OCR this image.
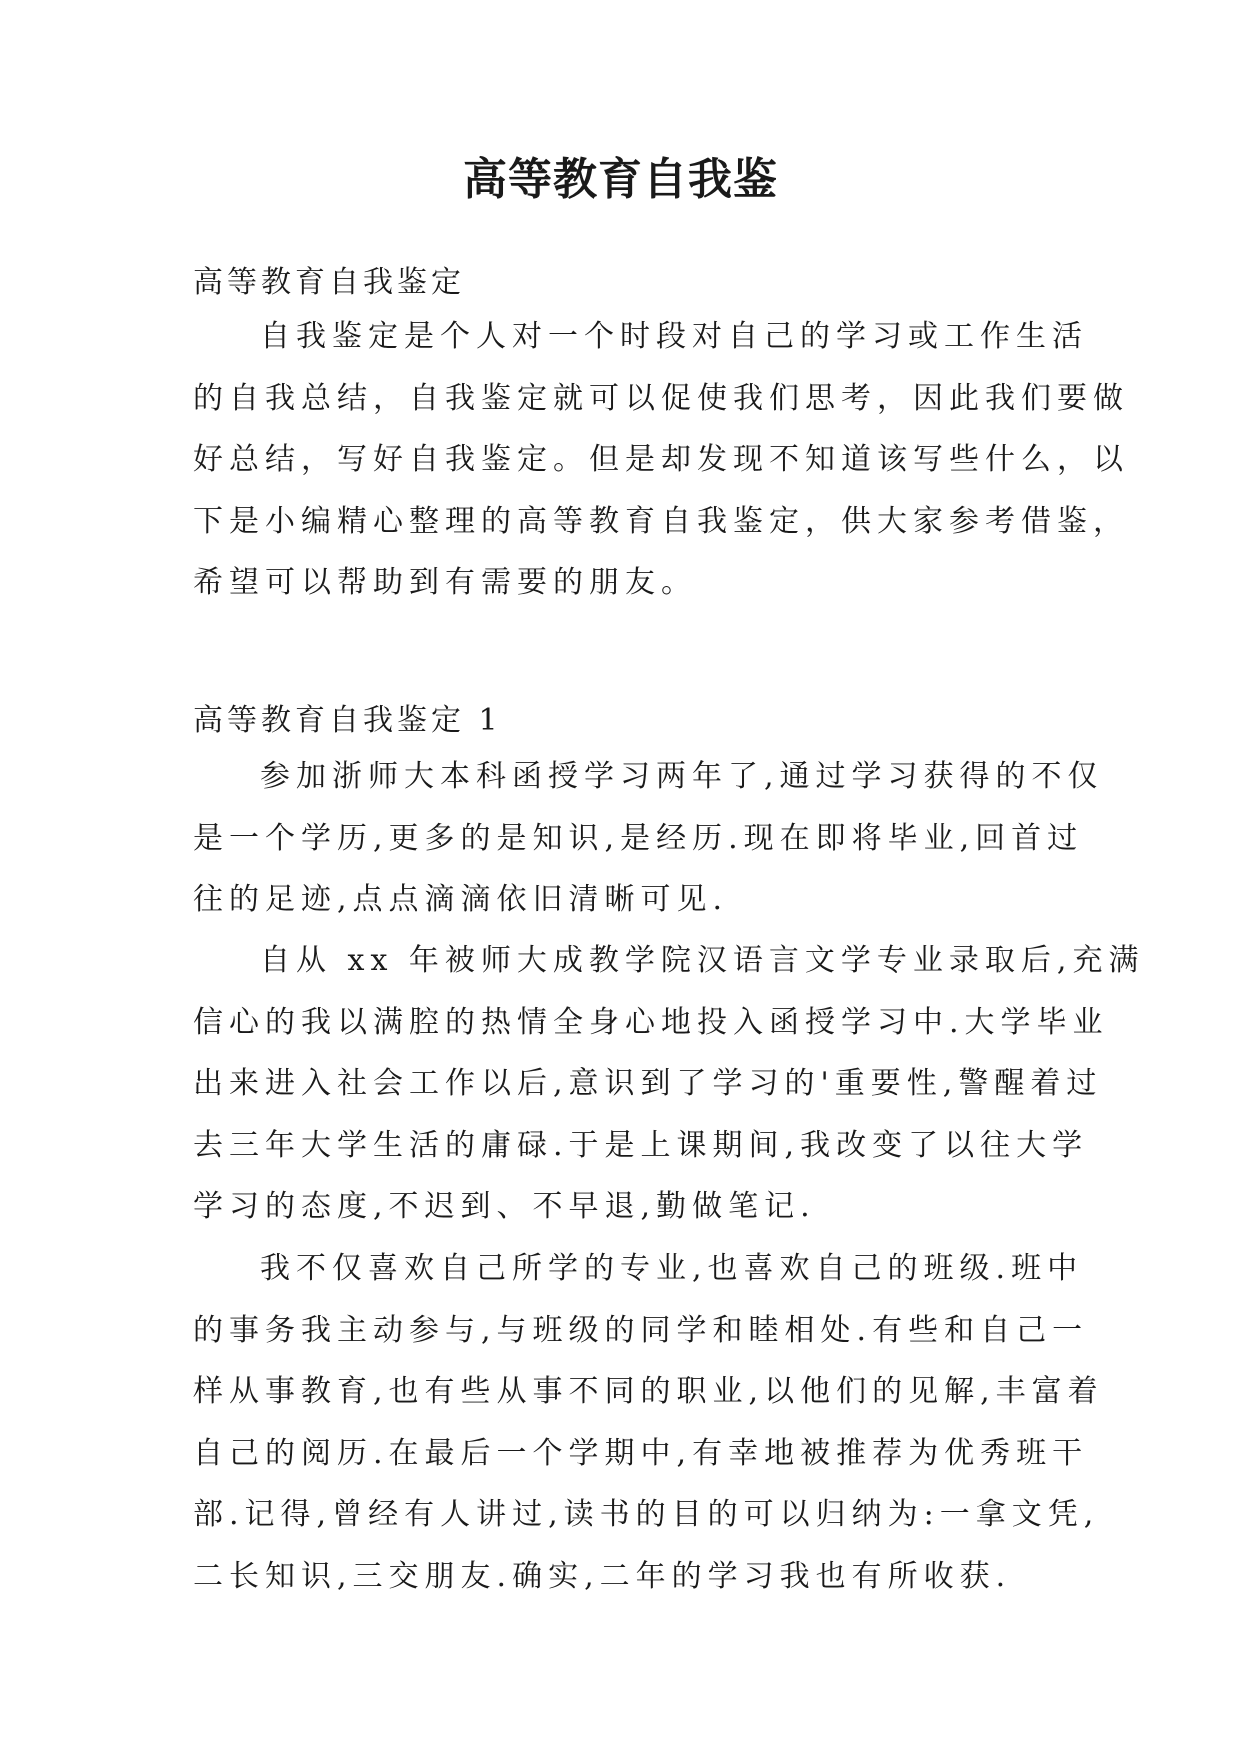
高等教育自我鉴

高等教育自我鉴定

自我鉴定是个人对一个时段对自己的学习或工作生活
的自我总结，自我鉴定就可以促使我们思考，因此我们要做
好总结，写好自我鉴定。但是却发现不知道该写些什么，以
下是小编精心整理的高等教育自我鉴定，供大家参考借鉴，
希望可以帮助到有需要的朋友。

高等教育自我鉴定 1

参加浙师大本科函授学习两年了,通过学习获得的不仅
是一个学历,更多的是知识,是经历.现在即将毕业,回首过
往的足迹,点点滴滴依旧清晰可见.

自从 xx 年被师大成教学院汉语言文学专业录取后,充满
信心的我以满腔的热情全身心地投入函授学习中.大学毕业
出来进入社会工作以后,意识到了学习的'重要性,警醒着过
去三年大学生活的庸碌.于是上课期间,我改变了以往大学
学习的态度,不迟到、不早退,勤做笔记.

我不仅喜欢自己所学的专业,也喜欢自己的班级.班中
的事务我主动参与,与班级的同学和睦相处.有些和自己一
样从事教育,也有些从事不同的职业,以他们的见解,丰富着
自己的阅历.在最后一个学期中,有幸地被推荐为优秀班干
部.记得,曾经有人讲过,读书的目的可以归纳为:一拿文凭,
二长知识,三交朋友.确实,二年的学习我也有所收获.
